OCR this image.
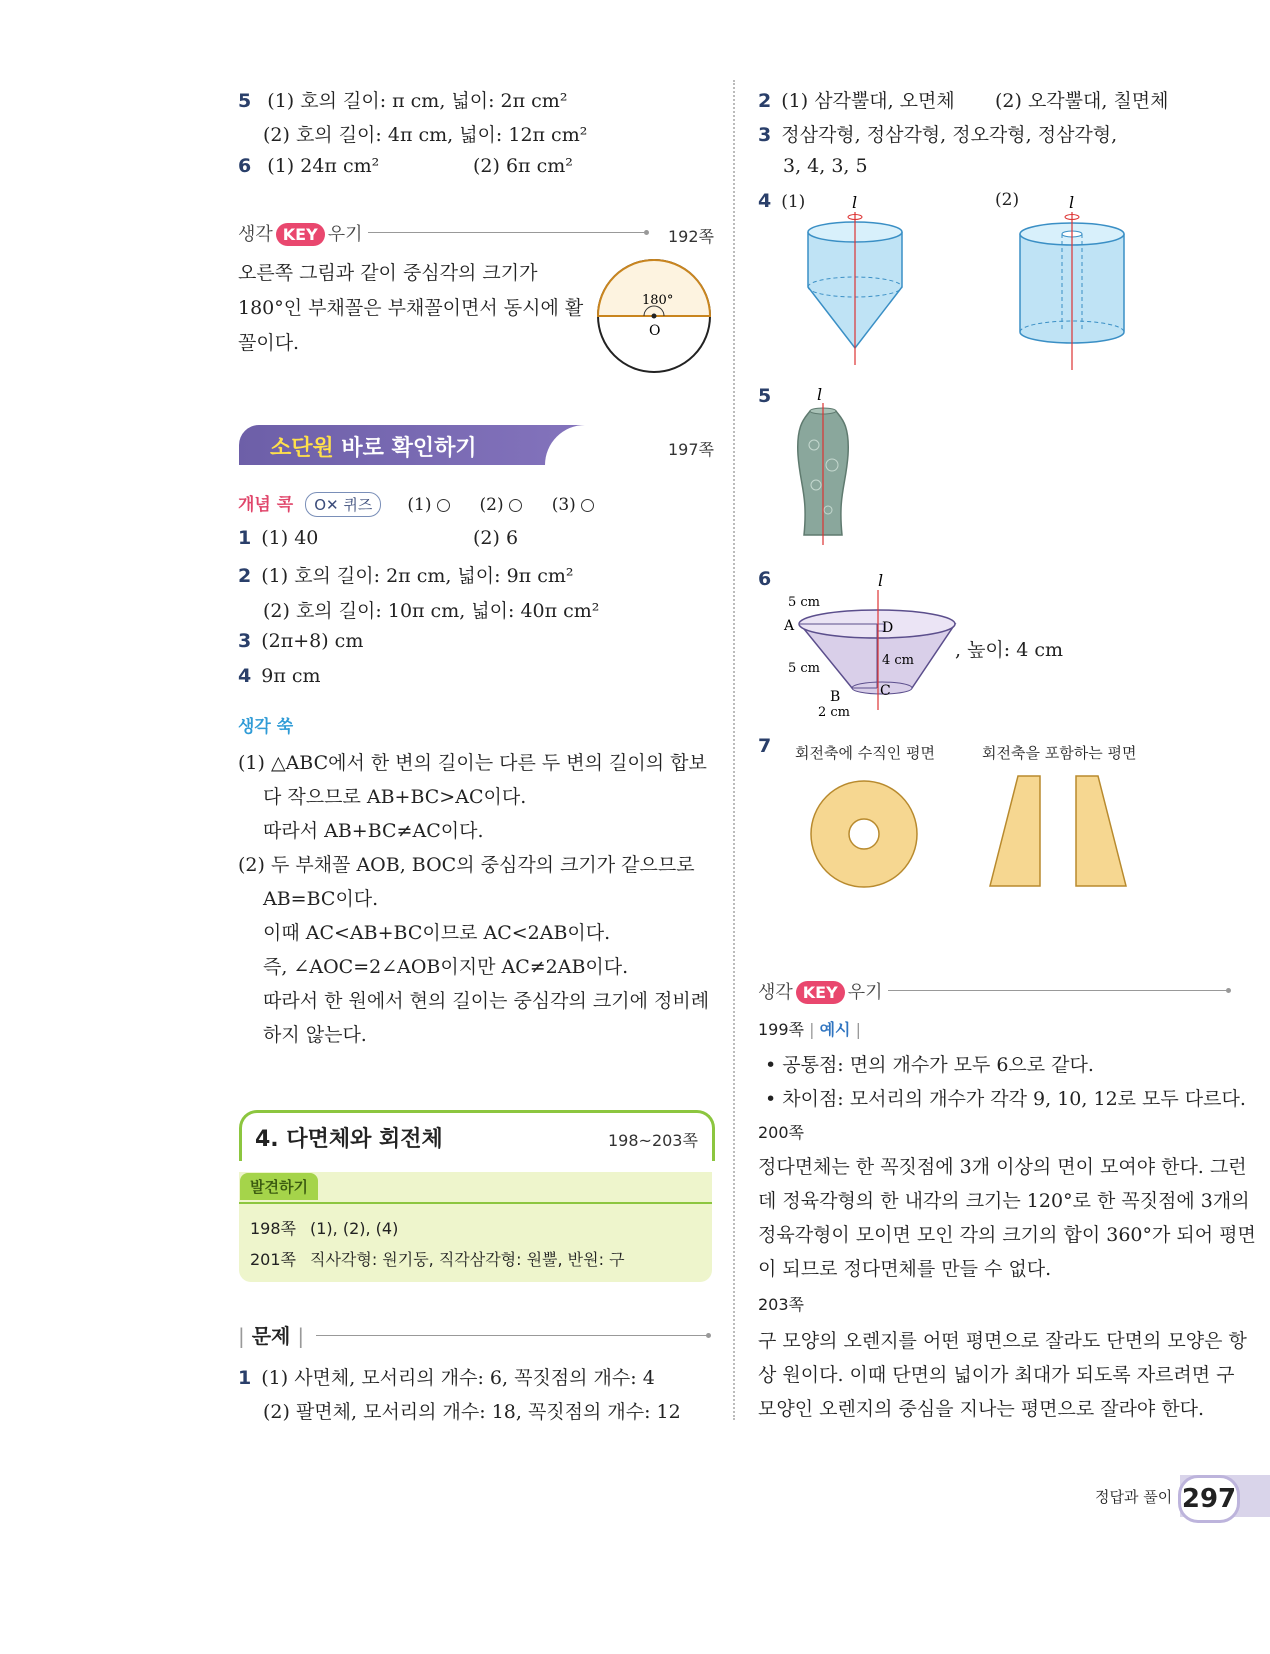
5 (1) 호의 길이: π cm, 넓이: 2π cm²
(2) 호의 길이: 4π cm, 넓이: 12π cm²
6 (1) 24π cm²	(2) 6π cm²
생각 KEY 우기	192쪽
오른쪽 그림과 같이 중심각의 크기가
180°인 부채꼴은 부채꼴이면서 동시에 활
꼴이다.
180°
O
소단원 바로 확인하기	197쪽
개념 콕 O✕ 퀴즈 (1)	(2)	(3)
1 (1) 40	(2) 6
2 (1) 호의 길이: 2π cm, 넓이: 9π cm²
(2) 호의 길이: 10π cm, 넓이: 40π cm²
3 (2π+8) cm
4 9π cm
생각 쑥
(1) △ABC에서 한 변의 길이는 다른 두 변의 길이의 합보
다 작으므로 AB+BC>AC이다.
따라서 AB+BC≠AC이다.
(2) 두 부채꼴 AOB, BOC의 중심각의 크기가 같으므로
AB=BC이다.
이때 AC<AB+BC이므로 AC<2AB이다.
즉, ∠AOC=2∠AOB이지만 AC≠2AB이다.
따라서 한 원에서 현의 길이는 중심각의 크기에 정비례
하지 않는다.
4. 다면체와 회전체	198~203쪽
발견하기
198쪽 (1), (2), (4)
201쪽 직사각형: 원기둥, 직각삼각형: 원뿔, 반원: 구
| 문제 |
1 (1) 사면체, 모서리의 개수: 6, 꼭짓점의 개수: 4
(2) 팔면체, 모서리의 개수: 18, 꼭짓점의 개수: 12
2 (1) 삼각뿔대, 오면체 (2) 오각뿔대, 칠면체
3 정삼각형, 정삼각형, 정오각형, 정삼각형,
3, 4, 3, 5
4 (1)	(2)
l	l
5	l
6	l
5 cm
A	D
5 cm
4 cm
B	C
2 cm
, 높이: 4 cm
7 회전축에 수직인 평면	회전축을 포함하는 평면
생각 KEY 우기
199쪽 | 예시 |
• 공통점: 면의 개수가 모두 6으로 같다.
• 차이점: 모서리의 개수가 각각 9, 10, 12로 모두 다르다.
200쪽
정다면체는 한 꼭짓점에 3개 이상의 면이 모여야 한다. 그런
데 정육각형의 한 내각의 크기는 120°로 한 꼭짓점에 3개의
정육각형이 모이면 모인 각의 크기의 합이 360°가 되어 평면
이 되므로 정다면체를 만들 수 없다.
203쪽
구 모양의 오렌지를 어떤 평면으로 잘라도 단면의 모양은 항
상 원이다. 이때 단면의 넓이가 최대가 되도록 자르려면 구
모양인 오렌지의 중심을 지나는 평면으로 잘라야 한다.
정답과 풀이 297
